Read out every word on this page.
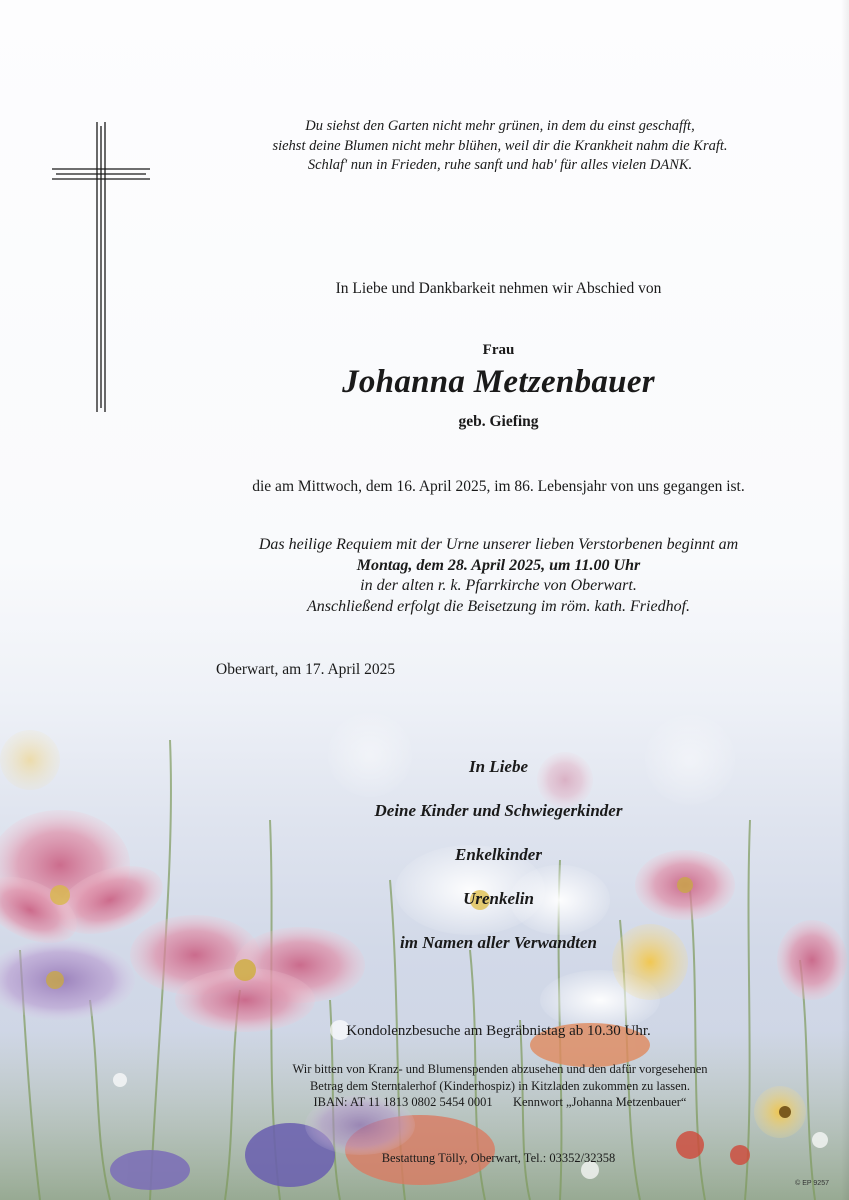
Du siehst den Garten nicht mehr grünen, in dem du einst geschafft,
siehst deine Blumen nicht mehr blühen, weil dir die Krankheit nahm die Kraft.
Schlaf' nun in Frieden, ruhe sanft und hab' für alles vielen DANK.
In Liebe und Dankbarkeit nehmen wir Abschied von
Frau
Johanna Metzenbauer
geb. Giefing
die am Mittwoch, dem 16. April 2025, im 86. Lebensjahr von uns gegangen ist.
Das heilige Requiem mit der Urne unserer lieben Verstorbenen beginnt am
Montag, dem 28. April 2025, um 11.00 Uhr
in der alten r. k. Pfarrkirche von Oberwart.
Anschließend erfolgt die Beisetzung im röm. kath. Friedhof.
Oberwart, am 17. April 2025
In Liebe
Deine Kinder und Schwiegerkinder
Enkelkinder
Urenkelin
im Namen aller Verwandten
Kondolenzbesuche am Begräbnistag ab 10.30 Uhr.
Wir bitten von Kranz- und Blumenspenden abzusehen und den dafür vorgesehenen
Betrag dem Sterntalerhof (Kinderhospiz) in Kitzladen zukommen zu lassen.
IBAN: AT 11 1813 0802 5454 0001 Kennwort „Johanna Metzenbauer“
Bestattung Tölly, Oberwart, Tel.: 03352/32358
© EP 9257
